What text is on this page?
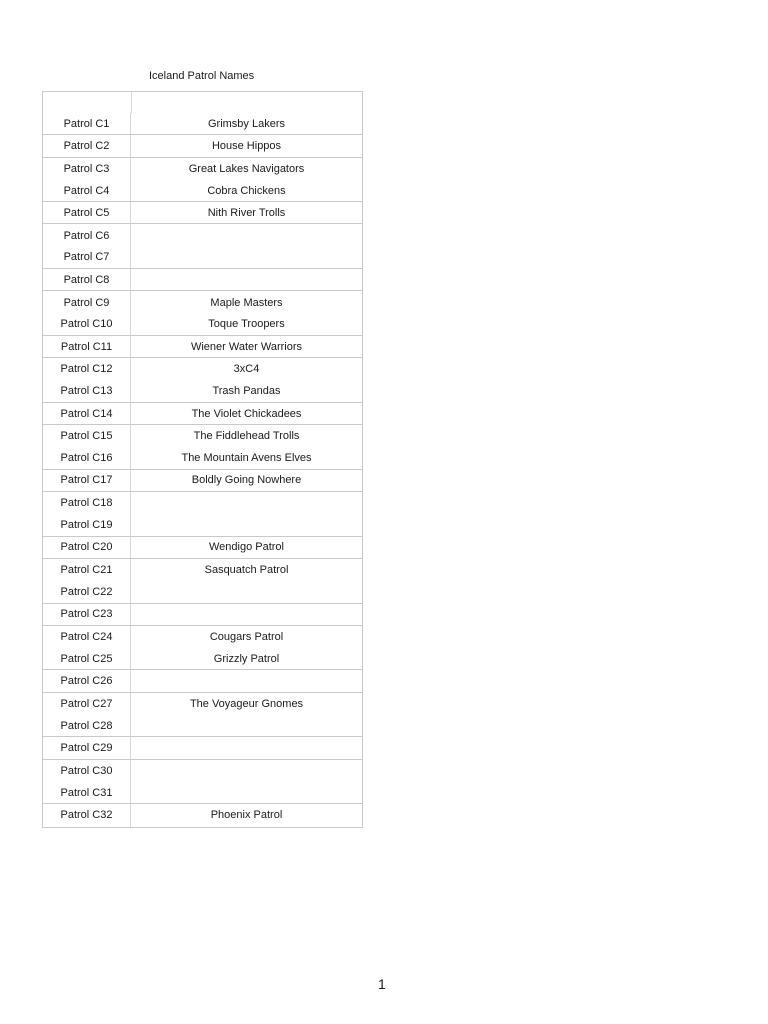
Iceland Patrol Names
Patrol C1	Grimsby Lakers
Patrol C2	House Hippos
Patrol C3	Great Lakes Navigators
Patrol C4	Cobra Chickens
Patrol C5	Nith River Trolls
Patrol C6
Patrol C7
Patrol C8
Patrol C9	Maple Masters
Patrol C10	Toque Troopers
Patrol C11	Wiener Water Warriors
Patrol C12	3xC4
Patrol C13	Trash Pandas
Patrol C14	The Violet Chickadees
Patrol C15	The Fiddlehead Trolls
Patrol C16	The Mountain Avens Elves
Patrol C17	Boldly Going Nowhere
Patrol C18
Patrol C19
Patrol C20	Wendigo Patrol
Patrol C21	Sasquatch Patrol
Patrol C22
Patrol C23
Patrol C24	Cougars Patrol
Patrol C25	Grizzly Patrol
Patrol C26
Patrol C27	The Voyageur Gnomes
Patrol C28
Patrol C29
Patrol C30
Patrol C31
Patrol C32	Phoenix Patrol
1
